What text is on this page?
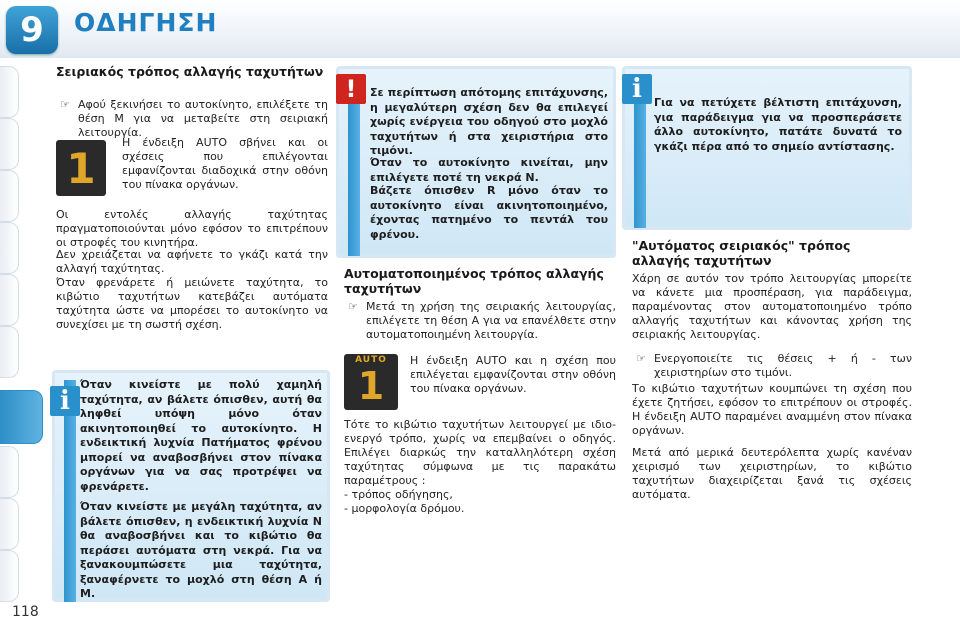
9	ΟΔΗΓΗΣΗ
118
Σειριακός τρόπος αλλαγής ταχυτήτων
☞ Αφού ξεκινήσει το αυτοκίνητο, επιλέξετε τη θέση M για να μεταβείτε στη σειριακή λειτουργία.
1
Η ένδειξη AUTO σβήνει και οι σχέσεις που επιλέγονται εμφανίζονται διαδοχικά στην οθόνη του πίνακα οργάνων.
Οι εντολές αλλαγής ταχύτητας πραγματοποιούνται μόνο εφόσον το επιτρέπουν οι στροφές του κινητήρα.
Δεν χρειάζεται να αφήνετε το γκάζι κατά την αλλαγή ταχύτητας.
Όταν φρενάρετε ή μειώνετε ταχύτητα, το κιβώτιο ταχυτήτων κατεβάζει αυτόματα ταχύτητα ώστε να μπορέσει το αυτοκίνητο να συνεχίσει με τη σωστή σχέση.
i
Όταν κινείστε με πολύ χαμηλή ταχύτητα, αν βάλετε όπισθεν, αυτή θα ληφθεί υπόψη μόνο όταν ακινητοποιηθεί το αυτοκίνητο. Η ενδεικτική λυχνία Πατήματος φρένου μπορεί να αναβοσβήνει στον πίνακα οργάνων για να σας προτρέψει να φρενάρετε.
Όταν κινείστε με μεγάλη ταχύτητα, αν βάλετε όπισθεν, η ενδεικτική λυχνία N θα αναβοσβήνει και το κιβώτιο θα περάσει αυτόματα στη νεκρά. Για να ξανακουμπώσετε μια ταχύτητα, ξαναφέρνετε το μοχλό στη θέση A ή M.
!	Σε περίπτωση απότομης επιτάχυνσης, η μεγαλύτερη σχέση δεν θα επιλεγεί χωρίς ενέργεια του οδηγού στο μοχλό ταχυτήτων ή στα χειριστήρια στο τιμόνι.
Όταν το αυτοκίνητο κινείται, μην επιλέγετε ποτέ τη νεκρά N.
Βάζετε όπισθεν R μόνο όταν το αυτοκίνητο είναι ακινητοποιημένο, έχοντας πατημένο το πεντάλ του φρένου.
Αυτοματοποιημένος τρόπος αλλαγής ταχυτήτων
☞ Μετά τη χρήση της σειριακής λειτουργίας, επιλέγετε τη θέση A για να επανέλθετε στην αυτοματοποιημένη λειτουργία.
AUTO
1
Η ένδειξη AUTO και η σχέση που επιλέγεται εμφανίζονται στην οθόνη του πίνακα οργάνων.
Τότε το κιβώτιο ταχυτήτων λειτουργεί με ιδιο-ενεργό τρόπο, χωρίς να επεμβαίνει ο οδηγός. Επιλέγει διαρκώς την καταλληλότερη σχέση ταχύτητας σύμφωνα με τις παρακάτω παραμέτρους :
- τρόπος οδήγησης,
- μορφολογία δρόμου.
i	Για να πετύχετε βέλτιστη επιτάχυνση, για παράδειγμα για να προσπεράσετε άλλο αυτοκίνητο, πατάτε δυνατά το γκάζι πέρα από το σημείο αντίστασης.
"Αυτόματος σειριακός" τρόπος αλλαγής ταχυτήτων
Χάρη σε αυτόν τον τρόπο λειτουργίας μπορείτε να κάνετε μια προσπέραση, για παράδειγμα, παραμένοντας στον αυτοματοποιημένο τρόπο αλλαγής ταχυτήτων και κάνοντας χρήση της σειριακής λειτουργίας.
☞ Ενεργοποιείτε τις θέσεις + ή - των χειριστηρίων στο τιμόνι.
Το κιβώτιο ταχυτήτων κουμπώνει τη σχέση που έχετε ζητήσει, εφόσον το επιτρέπουν οι στροφές. Η ένδειξη AUTO παραμένει αναμμένη στον πίνακα οργάνων.
Μετά από μερικά δευτερόλεπτα χωρίς κανέναν χειρισμό των χειριστηρίων, το κιβώτιο ταχυτήτων διαχειρίζεται ξανά τις σχέσεις αυτόματα.
